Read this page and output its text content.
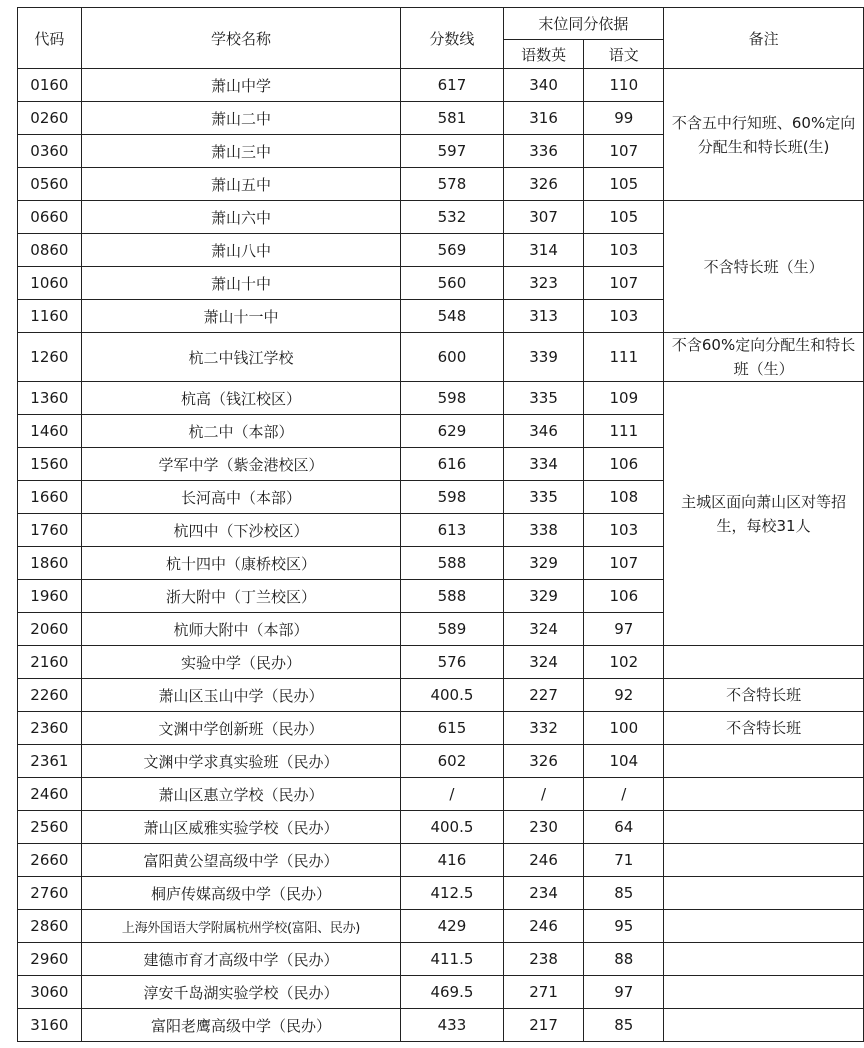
代码	学校名称	分数线	末位同分依据		备注
			语数英	语文	
0160	萧山中学	617	340	110	不含五中行知班、60%定向分配生和特长班(生)
0260	萧山二中	581	316	99	
0360	萧山三中	597	336	107	
0560	萧山五中	578	326	105	
0660	萧山六中	532	307	105	不含特长班（生）
0860	萧山八中	569	314	103	
1060	萧山十中	560	323	107	
1160	萧山十一中	548	313	103	
1260	杭二中钱江学校	600	339	111	不含60%定向分配生和特长班（生）
1360	杭高（钱江校区）	598	335	109	主城区面向萧山区对等招生，每校31人
1460	杭二中（本部）	629	346	111	
1560	学军中学（紫金港校区）	616	334	106	
1660	长河高中（本部）	598	335	108	
1760	杭四中（下沙校区）	613	338	103	
1860	杭十四中（康桥校区）	588	329	107	
1960	浙大附中（丁兰校区）	588	329	106	
2060	杭师大附中（本部）	589	324	97	
2160	实验中学（民办）	576	324	102	
2260	萧山区玉山中学（民办）	400.5	227	92	不含特长班
2360	文渊中学创新班（民办）	615	332	100	不含特长班
2361	文渊中学求真实验班（民办）	602	326	104	
2460	萧山区惠立学校（民办）	/	/	/	
2560	萧山区威雅实验学校（民办）	400.5	230	64	
2660	富阳黄公望高级中学（民办）	416	246	71	
2760	桐庐传媒高级中学（民办）	412.5	234	85	
2860	上海外国语大学附属杭州学校(富阳、民办)	429	246	95	
2960	建德市育才高级中学（民办）	411.5	238	88	
3060	淳安千岛湖实验学校（民办）	469.5	271	97	
3160	富阳老鹰高级中学（民办）	433	217	85	
